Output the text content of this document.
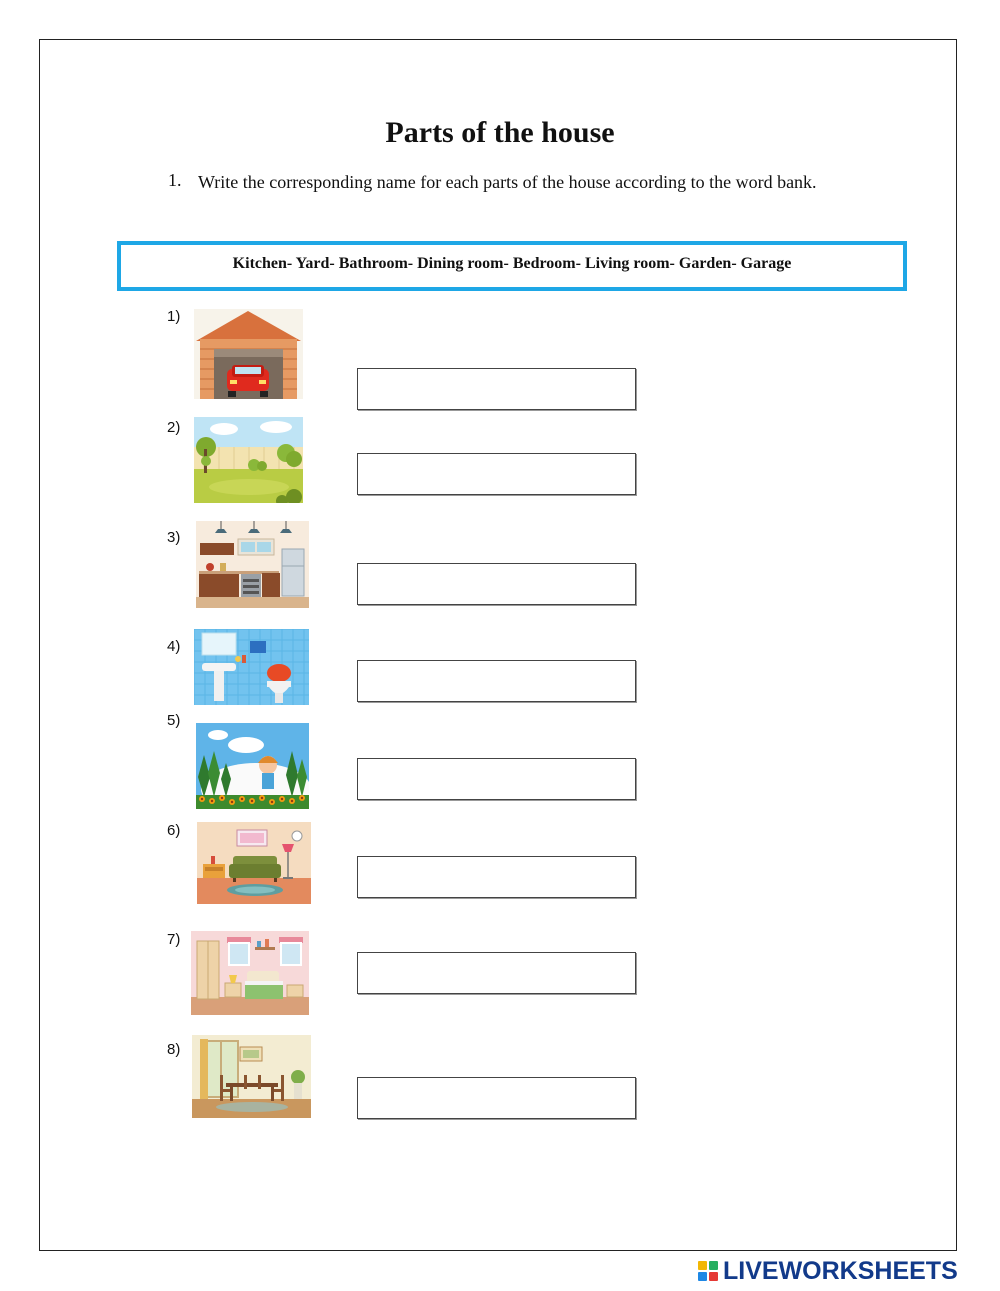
Parts of the house
1. Write the corresponding name for each parts of the house according to the word bank.
Kitchen- Yard- Bathroom- Dining room- Bedroom- Living room- Garden- Garage
1)
2)
3)
4)
5)
6)
7)
8)
LIVEWORKSHEETS
